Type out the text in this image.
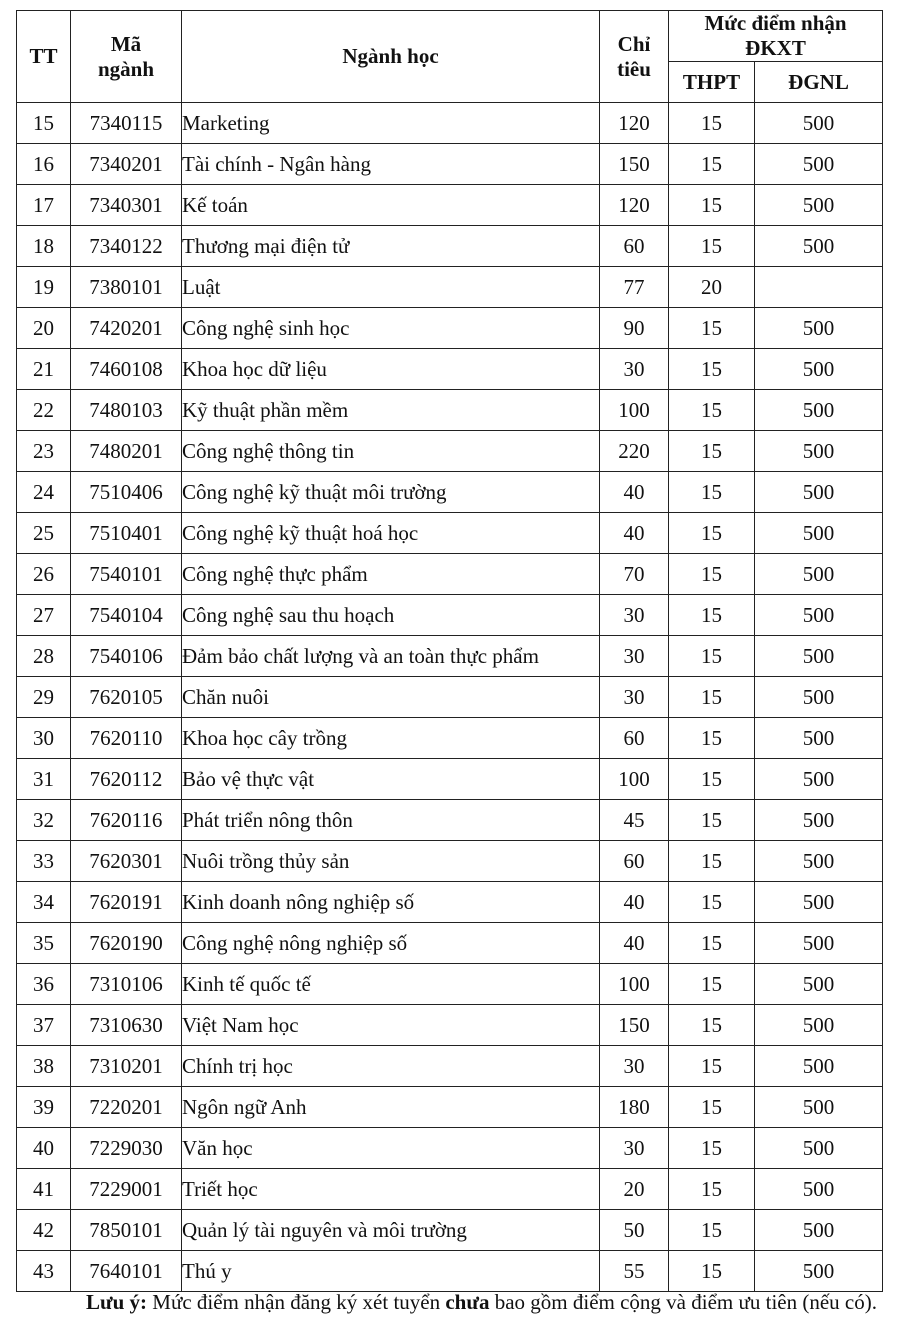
TT	Mã
ngành	Ngành học	Chỉ
tiêu	Mức điểm nhận
ĐKXT	
				THPT	ĐGNL
15	7340115	Marketing	120	15	500
16	7340201	Tài chính - Ngân hàng	150	15	500
17	7340301	Kế toán	120	15	500
18	7340122	Thương mại điện tử	60	15	500
19	7380101	Luật	77	20	
20	7420201	Công nghệ sinh học	90	15	500
21	7460108	Khoa học dữ liệu	30	15	500
22	7480103	Kỹ thuật phần mềm	100	15	500
23	7480201	Công nghệ thông tin	220	15	500
24	7510406	Công nghệ kỹ thuật môi trường	40	15	500
25	7510401	Công nghệ kỹ thuật hoá học	40	15	500
26	7540101	Công nghệ thực phẩm	70	15	500
27	7540104	Công nghệ sau thu hoạch	30	15	500
28	7540106	Đảm bảo chất lượng và an toàn thực phẩm	30	15	500
29	7620105	Chăn nuôi	30	15	500
30	7620110	Khoa học cây trồng	60	15	500
31	7620112	Bảo vệ thực vật	100	15	500
32	7620116	Phát triển nông thôn	45	15	500
33	7620301	Nuôi trồng thủy sản	60	15	500
34	7620191	Kinh doanh nông nghiệp số	40	15	500
35	7620190	Công nghệ nông nghiệp số	40	15	500
36	7310106	Kinh tế quốc tế	100	15	500
37	7310630	Việt Nam học	150	15	500
38	7310201	Chính trị học	30	15	500
39	7220201	Ngôn ngữ Anh	180	15	500
40	7229030	Văn học	30	15	500
41	7229001	Triết học	20	15	500
42	7850101	Quản lý tài nguyên và môi trường	50	15	500
43	7640101	Thú y	55	15	500

Lưu ý: Mức điểm nhận đăng ký xét tuyển chưa bao gồm điểm cộng và điểm ưu tiên (nếu có).
